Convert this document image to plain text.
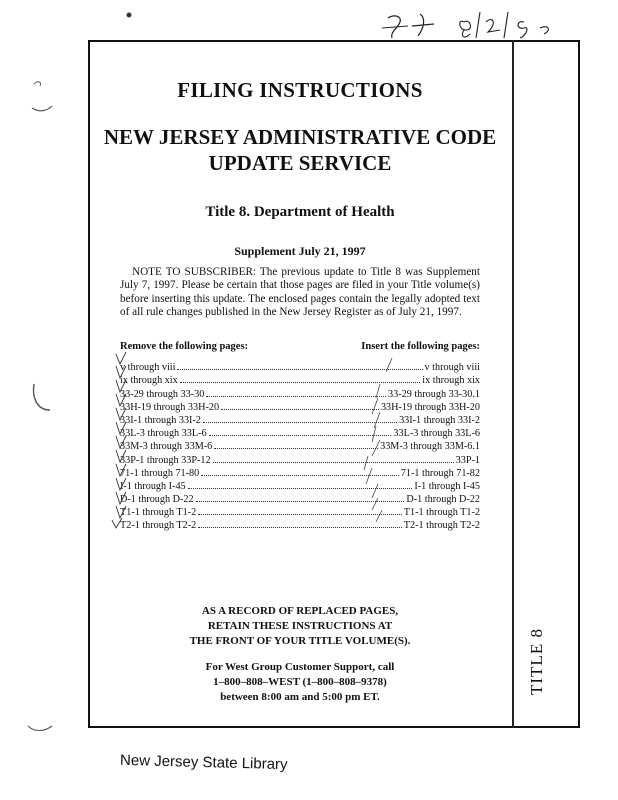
TITLE 8
FILING INSTRUCTIONS
NEW JERSEY ADMINISTRATIVE CODE
UPDATE SERVICE
Title 8. Department of Health
Supplement July 21, 1997
NOTE TO SUBSCRIBER: The previous update to Title 8 was Supplement July 7, 1997. Please be certain that those pages are filed in your Title volume(s) before inserting this update. The enclosed pages contain the legally adopted text of all rule changes published in the New Jersey Register as of July 21, 1997.
Remove the following pages:	Insert the following pages:
v through viii	v through viii
ix through xix	ix through xix
33-29 through 33-30	33-29 through 33-30.1
33H-19 through 33H-20	33H-19 through 33H-20
33I-1 through 33I-2	33I-1 through 33I-2
33L-3 through 33L-6	33L-3 through 33L-6
33M-3 through 33M-6	33M-3 through 33M-6.1
33P-1 through 33P-12	33P-1
71-1 through 71-80	71-1 through 71-82
I-1 through I-45	I-1 through I-45
D-1 through D-22	D-1 through D-22
T1-1 through T1-2	T1-1 through T1-2
T2-1 through T2-2	T2-1 through T2-2
AS A RECORD OF REPLACED PAGES,
RETAIN THESE INSTRUCTIONS AT
THE FRONT OF YOUR TITLE VOLUME(S).
For West Group Customer Support, call
1–800–808–WEST (1–800–808–9378)
between 8:00 am and 5:00 pm ET.
New Jersey State Library
